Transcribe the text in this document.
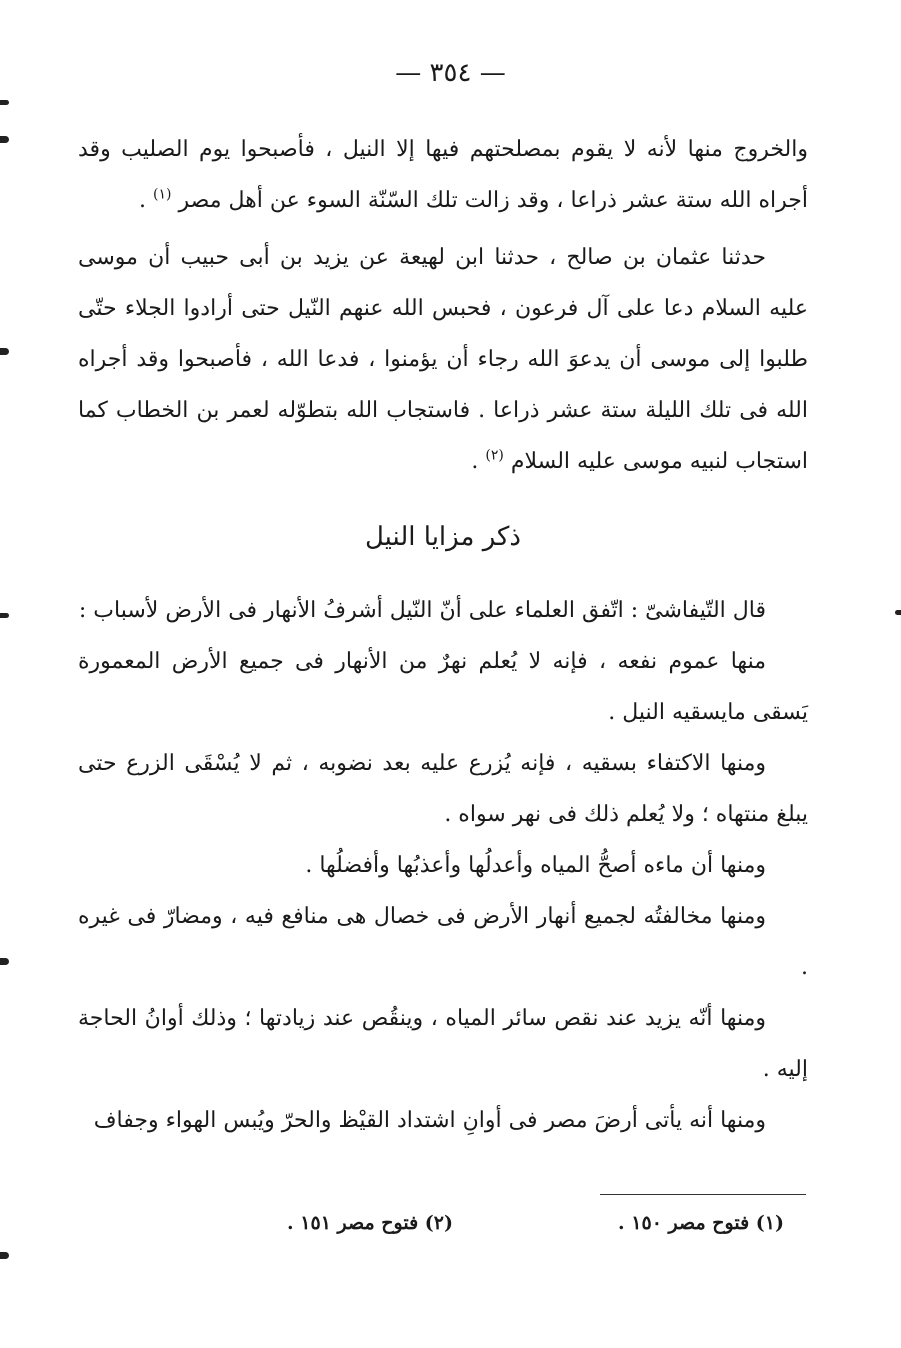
— ٣٥٤ —

والخروج منها لأنه لا يقوم بمصلحتهم فيها إلا النيل ، فأصبحوا يوم الصليب وقد أجراه الله ستة عشر ذراعا ، وقد زالت تلك السّنّة السوء عن أهل مصر $^{(١)}$ .

حدثنا عثمان بن صالح ، حدثنا ابن لهيعة عن يزيد بن أبى حبيب أن موسى عليه السلام دعا على آل فرعون ، فحبس الله عنهم النّيل حتى أرادوا الجلاء حتّى طلبوا إلى موسى أن يدعوَ الله رجاء أن يؤمنوا ، فدعا الله ، فأصبحوا وقد أجراه الله فى تلك الليلة ستة عشر ذراعا . فاستجاب الله بتطوّله لعمر بن الخطاب كما استجاب لنبيه موسى عليه السلام $^{(٢)}$ .

ذكر مزايا النيل

قال التّيفاشىّ : اتّفق العلماء على أنّ النّيل أشرفُ الأنهار فى الأرض لأسباب :

منها عموم نفعه ، فإنه لا يُعلم نهرٌ من الأنهار فى جميع الأرض المعمورة يَسقى مايسقيه النيل .

ومنها الاكتفاء بسقيه ، فإنه يُزرع عليه بعد نضوبه ، ثم لا يُسْقَى الزرع حتى يبلغ منتهاه ؛ ولا يُعلم ذلك فى نهر سواه .

ومنها أن ماءه أصحُّ المياه وأعدلُها وأعذبُها وأفضلُها .

ومنها مخالفتُه لجميع أنهار الأرض فى خصال هى منافع فيه ، ومضارّ فى غيره .

ومنها أنّه يزيد عند نقص سائر المياه ، وينقُص عند زيادتها ؛ وذلك أوانُ الحاجة إليه .

ومنها أنه يأتى أرضَ مصر فى أوانِ اشتداد القيْظ والحرّ ويُبس الهواء وجفاف

(١) فتوح مصر ١٥٠ .
(٢) فتوح مصر ١٥١ .
